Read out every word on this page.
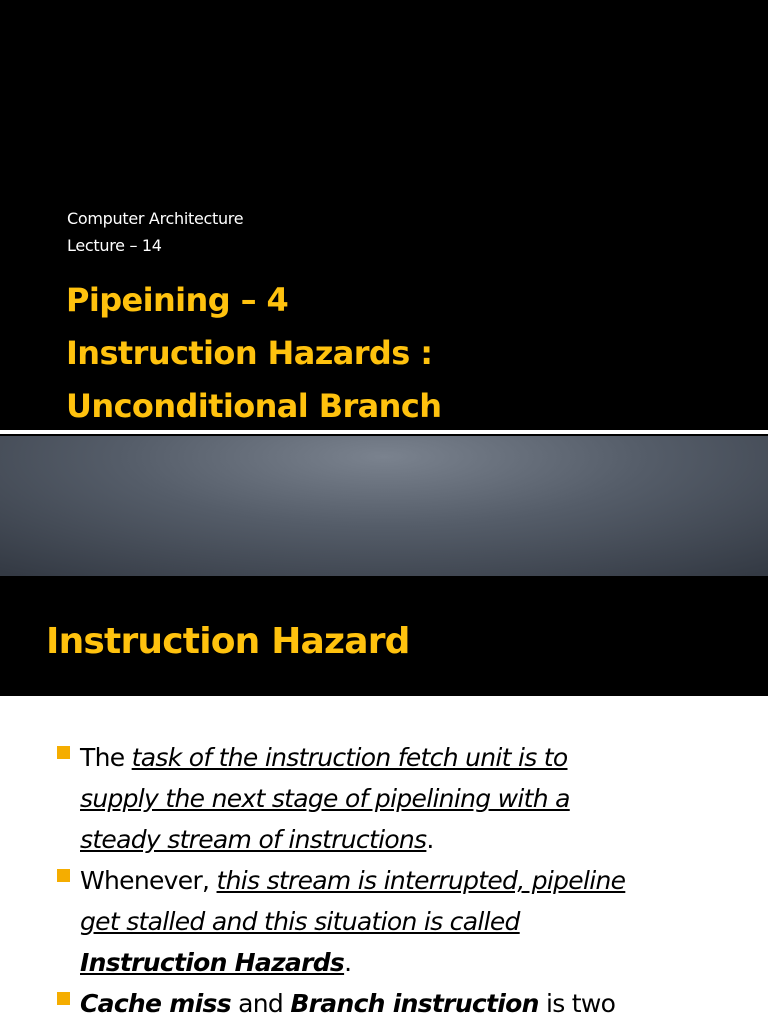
Computer Architecture
Lecture – 14
Pipeining – 4
Instruction Hazards :
Unconditional Branch
Instruction Hazard
The task of the instruction fetch unit is to
supply the next stage of pipelining with a
steady stream of instructions.
Whenever, this stream is interrupted, pipeline
get stalled and this situation is called
Instruction Hazards.
Cache miss and Branch instruction is two
